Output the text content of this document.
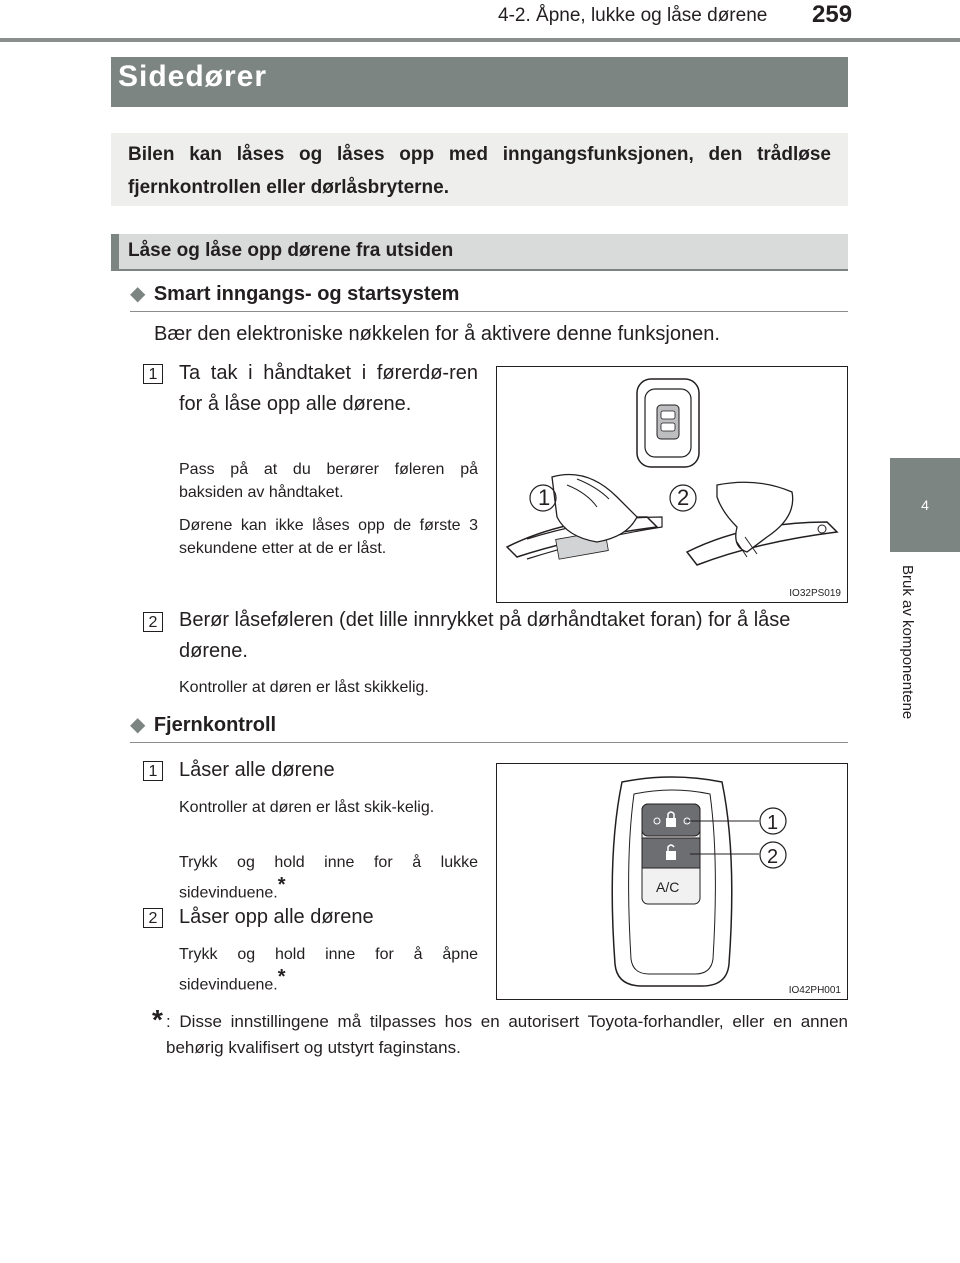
4-2. Åpne, lukke og låse dørene 259
4
Bruk av komponentene
Sidedører
Bilen kan låses og låses opp med inngangsfunksjonen, den trådløse fjernkontrollen eller dørlåsbryterne.
Låse og låse opp dørene fra utsiden
◆ Smart inngangs- og startsystem
Bær den elektroniske nøkkelen for å aktivere denne funksjonen.
1 Ta tak i håndtaket i førerdø-ren for å låse opp alle dørene.
Pass på at du berører føleren på baksiden av håndtaket.
Dørene kan ikke låses opp de første 3 sekundene etter at de er låst.
1	2
IO32PS019
2 Berør låseføleren (det lille innrykket på dørhåndtaket foran) for å låse dørene.
Kontroller at døren er låst skikkelig.
◆ Fjernkontroll
1 Låser alle dørene
Kontroller at døren er låst skik-kelig.
Trykk og hold inne for å lukke sidevinduene.*
2 Låser opp alle dørene
Trykk og hold inne for å åpne sidevinduene.*
A/C
1
2
IO42PH001
* : Disse innstillingene må tilpasses hos en autorisert Toyota-forhandler, eller en annen behørig kvalifisert og utstyrt faginstans.
